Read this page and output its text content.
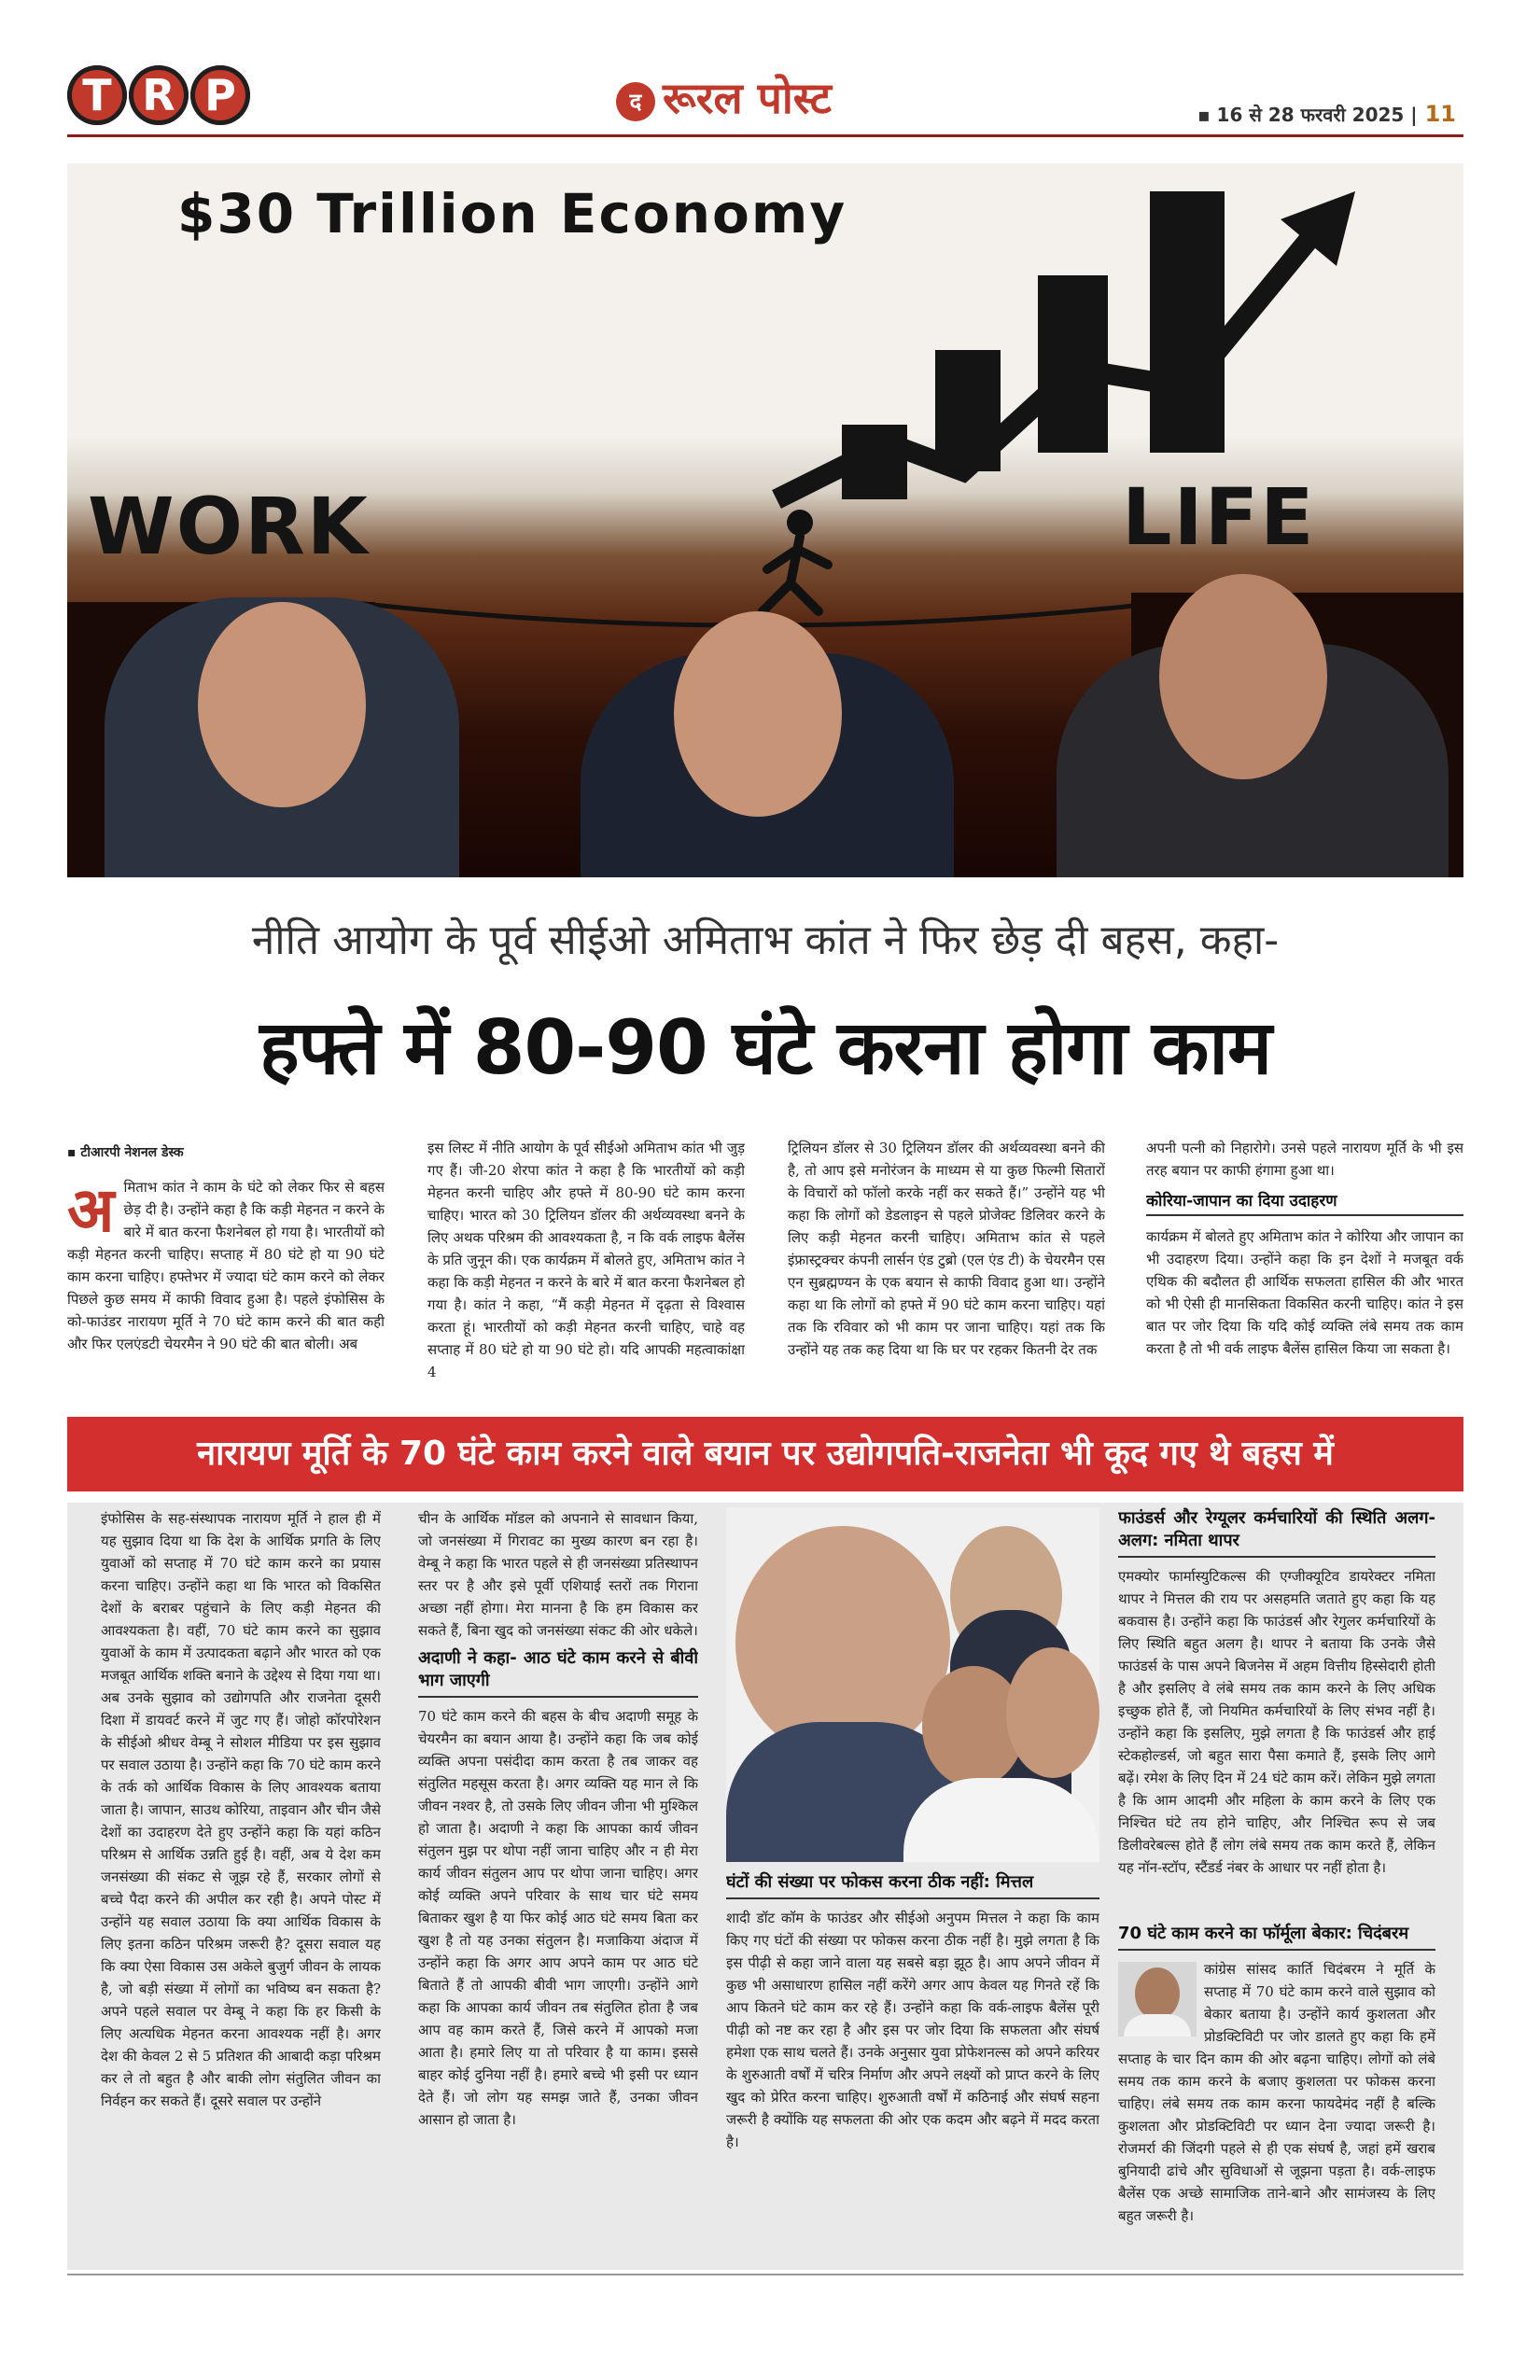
T R P	द रूरल पोस्ट	▪ 16 से 28 फरवरी 2025 | 11
$30 Trillion Economy
WORK	LIFE
नीति आयोग के पूर्व सीईओ अमिताभ कांत ने फिर छेड़ दी बहस, कहा-
हफ्ते में 80-90 घंटे करना होगा काम
▪ टीआरपी नेशनल डेस्क
अ मिताभ कांत ने काम के घंटे को लेकर फिर से बहस छेड़ दी है। उन्होंने कहा है कि कड़ी मेहनत न करने के बारे में बात करना फैशनेबल हो गया है। भारतीयों को कड़ी मेहनत करनी चाहिए। सप्ताह में 80 घंटे हो या 90 घंटे काम करना चाहिए। हफ्तेभर में ज्यादा घंटे काम करने को लेकर पिछले कुछ समय में काफी विवाद हुआ है। पहले इंफोसिस के को-फाउंडर नारायण मूर्ति ने 70 घंटे काम करने की बात कही और फिर एलएंडटी चेयरमैन ने 90 घंटे की बात बोली। अब
इस लिस्ट में नीति आयोग के पूर्व सीईओ अमिताभ कांत भी जुड़ गए हैं। जी-20 शेरपा कांत ने कहा है कि भारतीयों को कड़ी मेहनत करनी चाहिए और हफ्ते में 80-90 घंटे काम करना चाहिए। भारत को 30 ट्रिलियन डॉलर की अर्थव्यवस्था बनने के लिए अथक परिश्रम की आवश्यकता है, न कि वर्क लाइफ बैलेंस के प्रति जुनून की। एक कार्यक्रम में बोलते हुए, अमिताभ कांत ने कहा कि कड़ी मेहनत न करने के बारे में बात करना फैशनेबल हो गया है। कांत ने कहा, “मैं कड़ी मेहनत में दृढ़ता से विश्वास करता हूं। भारतीयों को कड़ी मेहनत करनी चाहिए, चाहे वह सप्ताह में 80 घंटे हो या 90 घंटे हो। यदि आपकी महत्वाकांक्षा 4
ट्रिलियन डॉलर से 30 ट्रिलियन डॉलर की अर्थव्यवस्था बनने की है, तो आप इसे मनोरंजन के माध्यम से या कुछ फिल्मी सितारों के विचारों को फॉलो करके नहीं कर सकते हैं।” उन्होंने यह भी कहा कि लोगों को डेडलाइन से पहले प्रोजेक्ट डिलिवर करने के लिए कड़ी मेहनत करनी चाहिए। अमिताभ कांत से पहले इंफ्रास्ट्रक्चर कंपनी लार्सन एंड टुब्रो (एल एंड टी) के चेयरमैन एस एन सुब्रह्मण्यन के एक बयान से काफी विवाद हुआ था। उन्होंने कहा था कि लोगों को हफ्ते में 90 घंटे काम करना चाहिए। यहां तक कि रविवार को भी काम पर जाना चाहिए। यहां तक कि उन्होंने यह तक कह दिया था कि घर पर रहकर कितनी देर तक
अपनी पत्नी को निहारोगे। उनसे पहले नारायण मूर्ति के भी इस तरह बयान पर काफी हंगामा हुआ था।
कोरिया-जापान का दिया उदाहरण
कार्यक्रम में बोलते हुए अमिताभ कांत ने कोरिया और जापान का भी उदाहरण दिया। उन्होंने कहा कि इन देशों ने मजबूत वर्क एथिक की बदौलत ही आर्थिक सफलता हासिल की और भारत को भी ऐसी ही मानसिकता विकसित करनी चाहिए। कांत ने इस बात पर जोर दिया कि यदि कोई व्यक्ति लंबे समय तक काम करता है तो भी वर्क लाइफ बैलेंस हासिल किया जा सकता है।
नारायण मूर्ति के 70 घंटे काम करने वाले बयान पर उद्योगपति-राजनेता भी कूद गए थे बहस में
इंफोसिस के सह-संस्थापक नारायण मूर्ति ने हाल ही में यह सुझाव दिया था कि देश के आर्थिक प्रगति के लिए युवाओं को सप्ताह में 70 घंटे काम करने का प्रयास करना चाहिए। उन्होंने कहा था कि भारत को विकसित देशों के बराबर पहुंचाने के लिए कड़ी मेहनत की आवश्यकता है। वहीं, 70 घंटे काम करने का सुझाव युवाओं के काम में उत्पादकता बढ़ाने और भारत को एक मजबूत आर्थिक शक्ति बनाने के उद्देश्य से दिया गया था। अब उनके सुझाव को उद्योगपति और राजनेता दूसरी दिशा में डायवर्ट करने में जुट गए हैं। जोहो कॉरपोरेशन के सीईओ श्रीधर वेम्बू ने सोशल मीडिया पर इस सुझाव पर सवाल उठाया है। उन्होंने कहा कि 70 घंटे काम करने के तर्क को आर्थिक विकास के लिए आवश्यक बताया जाता है। जापान, साउथ कोरिया, ताइवान और चीन जैसे देशों का उदाहरण देते हुए उन्होंने कहा कि यहां कठिन परिश्रम से आर्थिक उन्नति हुई है। वहीं, अब ये देश कम जनसंख्या की संकट से जूझ रहे हैं, सरकार लोगों से बच्चे पैदा करने की अपील कर रही है। अपने पोस्ट में उन्होंने यह सवाल उठाया कि क्या आर्थिक विकास के लिए इतना कठिन परिश्रम जरूरी है? दूसरा सवाल यह कि क्या ऐसा विकास उस अकेले बुजुर्ग जीवन के लायक है, जो बड़ी संख्या में लोगों का भविष्य बन सकता है? अपने पहले सवाल पर वेम्बू ने कहा कि हर किसी के लिए अत्यधिक मेहनत करना आवश्यक नहीं है। अगर देश की केवल 2 से 5 प्रतिशत की आबादी कड़ा परिश्रम कर ले तो बहुत है और बाकी लोग संतुलित जीवन का निर्वहन कर सकते हैं। दूसरे सवाल पर उन्होंने
चीन के आर्थिक मॉडल को अपनाने से सावधान किया, जो जनसंख्या में गिरावट का मुख्य कारण बन रहा है। वेम्बू ने कहा कि भारत पहले से ही जनसंख्या प्रतिस्थापन स्तर पर है और इसे पूर्वी एशियाई स्तरों तक गिराना अच्छा नहीं होगा। मेरा मानना है कि हम विकास कर सकते हैं, बिना खुद को जनसंख्या संकट की ओर धकेले।
अदाणी ने कहा- आठ घंटे काम करने से बीवी भाग जाएगी
70 घंटे काम करने की बहस के बीच अदाणी समूह के चेयरमैन का बयान आया है। उन्होंने कहा कि जब कोई व्यक्ति अपना पसंदीदा काम करता है तब जाकर वह संतुलित महसूस करता है। अगर व्यक्ति यह मान ले कि जीवन नश्वर है, तो उसके लिए जीवन जीना भी मुश्किल हो जाता है। अदाणी ने कहा कि आपका कार्य जीवन संतुलन मुझ पर थोपा नहीं जाना चाहिए और न ही मेरा कार्य जीवन संतुलन आप पर थोपा जाना चाहिए। अगर कोई व्यक्ति अपने परिवार के साथ चार घंटे समय बिताकर खुश है या फिर कोई आठ घंटे समय बिता कर खुश है तो यह उनका संतुलन है। मजाकिया अंदाज में उन्होंने कहा कि अगर आप अपने काम पर आठ घंटे बिताते हैं तो आपकी बीवी भाग जाएगी। उन्होंने आगे कहा कि आपका कार्य जीवन तब संतुलित होता है जब आप वह काम करते हैं, जिसे करने में आपको मजा आता है। हमारे लिए या तो परिवार है या काम। इससे बाहर कोई दुनिया नहीं है। हमारे बच्चे भी इसी पर ध्यान देते हैं। जो लोग यह समझ जाते हैं, उनका जीवन आसान हो जाता है।
घंटों की संख्या पर फोकस करना ठीक नहीं: मित्तल
शादी डॉट कॉम के फाउंडर और सीईओ अनुपम मित्तल ने कहा कि काम किए गए घंटों की संख्या पर फोकस करना ठीक नहीं है। मुझे लगता है कि इस पीढ़ी से कहा जाने वाला यह सबसे बड़ा झूठ है। आप अपने जीवन में कुछ भी असाधारण हासिल नहीं करेंगे अगर आप केवल यह गिनते रहें कि आप कितने घंटे काम कर रहे हैं। उन्होंने कहा कि वर्क-लाइफ बैलेंस पूरी पीढ़ी को नष्ट कर रहा है और इस पर जोर दिया कि सफलता और संघर्ष हमेशा एक साथ चलते हैं। उनके अनुसार युवा प्रोफेशनल्स को अपने करियर के शुरुआती वर्षों में चरित्र निर्माण और अपने लक्ष्यों को प्राप्त करने के लिए खुद को प्रेरित करना चाहिए। शुरुआती वर्षों में कठिनाई और संघर्ष सहना जरूरी है क्योंकि यह सफलता की ओर एक कदम और बढ़ने में मदद करता है।
फाउंडर्स और रेग्यूलर कर्मचारियों की स्थिति अलग-अलग: नमिता थापर
एमक्योर फार्मास्युटिकल्स की एग्जीक्यूटिव डायरेक्टर नमिता थापर ने मित्तल की राय पर असहमति जताते हुए कहा कि यह बकवास है। उन्होंने कहा कि फाउंडर्स और रेगुलर कर्मचारियों के लिए स्थिति बहुत अलग है। थापर ने बताया कि उनके जैसे फाउंडर्स के पास अपने बिजनेस में अहम वित्तीय हिस्सेदारी होती है और इसलिए वे लंबे समय तक काम करने के लिए अधिक इच्छुक होते हैं, जो नियमित कर्मचारियों के लिए संभव नहीं है। उन्होंने कहा कि इसलिए, मुझे लगता है कि फाउंडर्स और हाई स्टेकहोल्डर्स, जो बहुत सारा पैसा कमाते हैं, इसके लिए आगे बढ़ें। रमेश के लिए दिन में 24 घंटे काम करें। लेकिन मुझे लगता है कि आम आदमी और महिला के काम करने के लिए एक निश्चित घंटे तय होने चाहिए, और निश्चित रूप से जब डिलीवरेबल्स होते हैं लोग लंबे समय तक काम करते हैं, लेकिन यह नॉन-स्टॉप, स्टैंडर्ड नंबर के आधार पर नहीं होता है।
70 घंटे काम करने का फॉर्मूला बेकार: चिदंबरम
कांग्रेस सांसद कार्ति चिदंबरम ने मूर्ति के सप्ताह में 70 घंटे काम करने वाले सुझाव को बेकार बताया है। उन्होंने कार्य कुशलता और प्रोडक्टिविटी पर जोर डालते हुए कहा कि हमें सप्ताह के चार दिन काम की ओर बढ़ना चाहिए। लोगों को लंबे समय तक काम करने के बजाए कुशलता पर फोकस करना चाहिए। लंबे समय तक काम करना फायदेमंद नहीं है बल्कि कुशलता और प्रोडक्टिविटी पर ध्यान देना ज्यादा जरूरी है। रोजमर्रा की जिंदगी पहले से ही एक संघर्ष है, जहां हमें खराब बुनियादी ढांचे और सुविधाओं से जूझना पड़ता है। वर्क-लाइफ बैलेंस एक अच्छे सामाजिक ताने-बाने और सामंजस्य के लिए बहुत जरूरी है।
